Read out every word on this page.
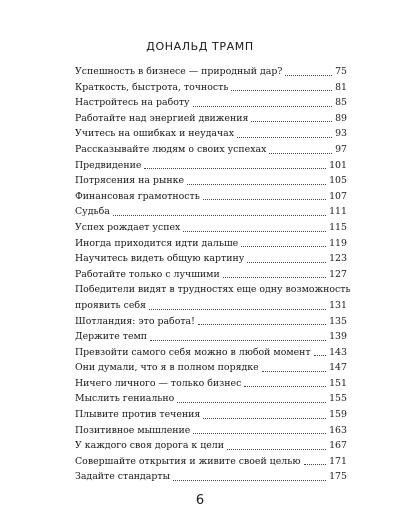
ДОНАЛЬД ТРАМП
Успешность в бизнесе — природный дар?	75
Краткость, быстрота, точность	81
Настройтесь на работу	85
Работайте над энергией движения	89
Учитесь на ошибках и неудачах	93
Рассказывайте людям о своих успехах	97
Предвидение	101
Потрясения на рынке	105
Финансовая грамотность	107
Судьба	111
Успех рождает успех	115
Иногда приходится идти дальше	119
Научитесь видеть общую картину	123
Работайте только с лучшими	127
Победители видят в трудностях еще одну возможность
проявить себя	131
Шотландия: это работа!	135
Держите темп	139
Превзойти самого себя можно в любой момент 143
Они думали, что я в полном порядке	147
Ничего личного — только бизнес	151
Мыслить гениально	155
Плывите против течения	159
Позитивное мышление	163
У каждого своя дорога к цели	167
Совершайте открытия и живите своей целью	171
Задайте стандарты	175
6
